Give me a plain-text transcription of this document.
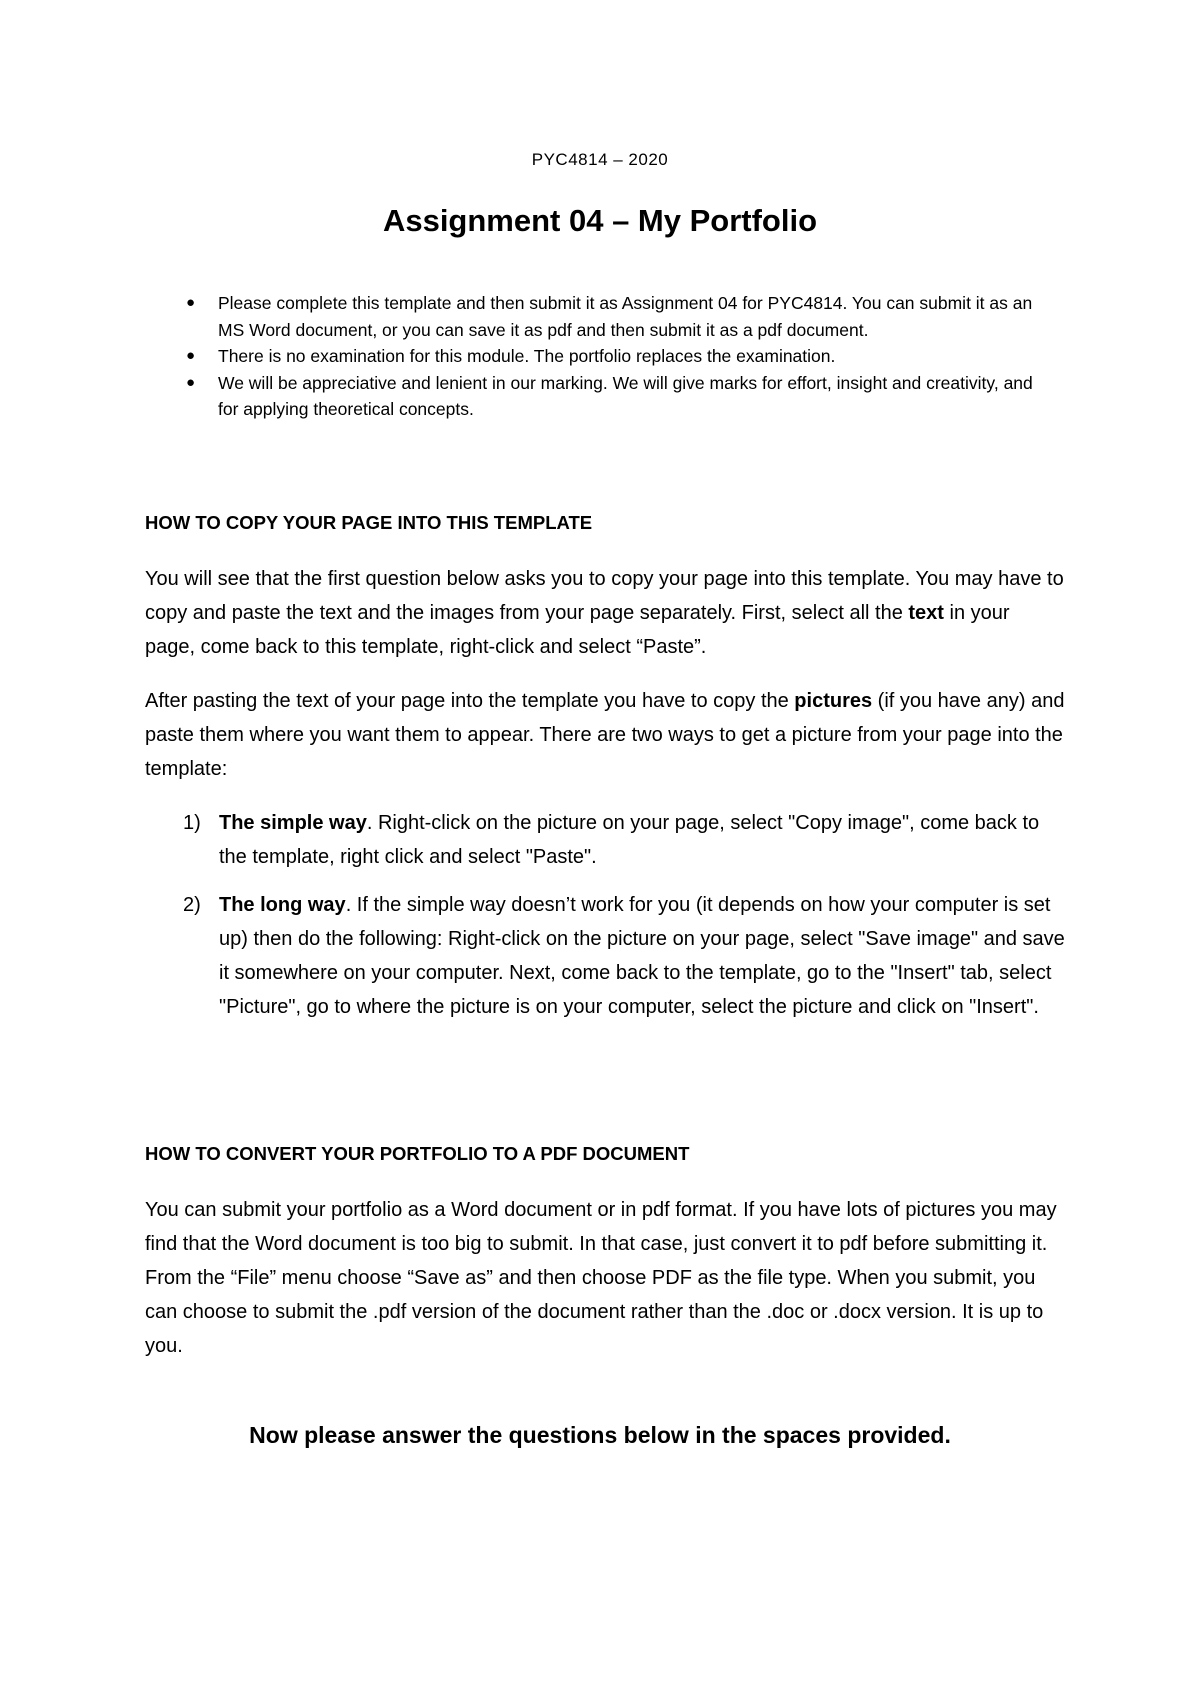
PYC4814 – 2020
Assignment 04 – My Portfolio
● Please complete this template and then submit it as Assignment 04 for PYC4814. You can submit it as an MS Word document, or you can save it as pdf and then submit it as a pdf document.
● There is no examination for this module. The portfolio replaces the examination.
● We will be appreciative and lenient in our marking. We will give marks for effort, insight and creativity, and for applying theoretical concepts.
HOW TO COPY YOUR PAGE INTO THIS TEMPLATE

You will see that the first question below asks you to copy your page into this template. You may have to copy and paste the text and the images from your page separately. First, select all the text in your page, come back to this template, right-click and select “Paste”.

After pasting the text of your page into the template you have to copy the pictures (if you have any) and paste them where you want them to appear. There are two ways to get a picture from your page into the template:

1) The simple way. Right-click on the picture on your page, select "Copy image", come back to the template, right click and select "Paste".
2) The long way. If the simple way doesn’t work for you (it depends on how your computer is set up) then do the following: Right-click on the picture on your page, select "Save image" and save it somewhere on your computer. Next, come back to the template, go to the "Insert" tab, select "Picture", go to where the picture is on your computer, select the picture and click on "Insert".
HOW TO CONVERT YOUR PORTFOLIO TO A PDF DOCUMENT

You can submit your portfolio as a Word document or in pdf format. If you have lots of pictures you may find that the Word document is too big to submit. In that case, just convert it to pdf before submitting it. From the “File” menu choose “Save as” and then choose PDF as the file type. When you submit, you can choose to submit the .pdf version of the document rather than the .doc or .docx version. It is up to you.

Now please answer the questions below in the spaces provided.
